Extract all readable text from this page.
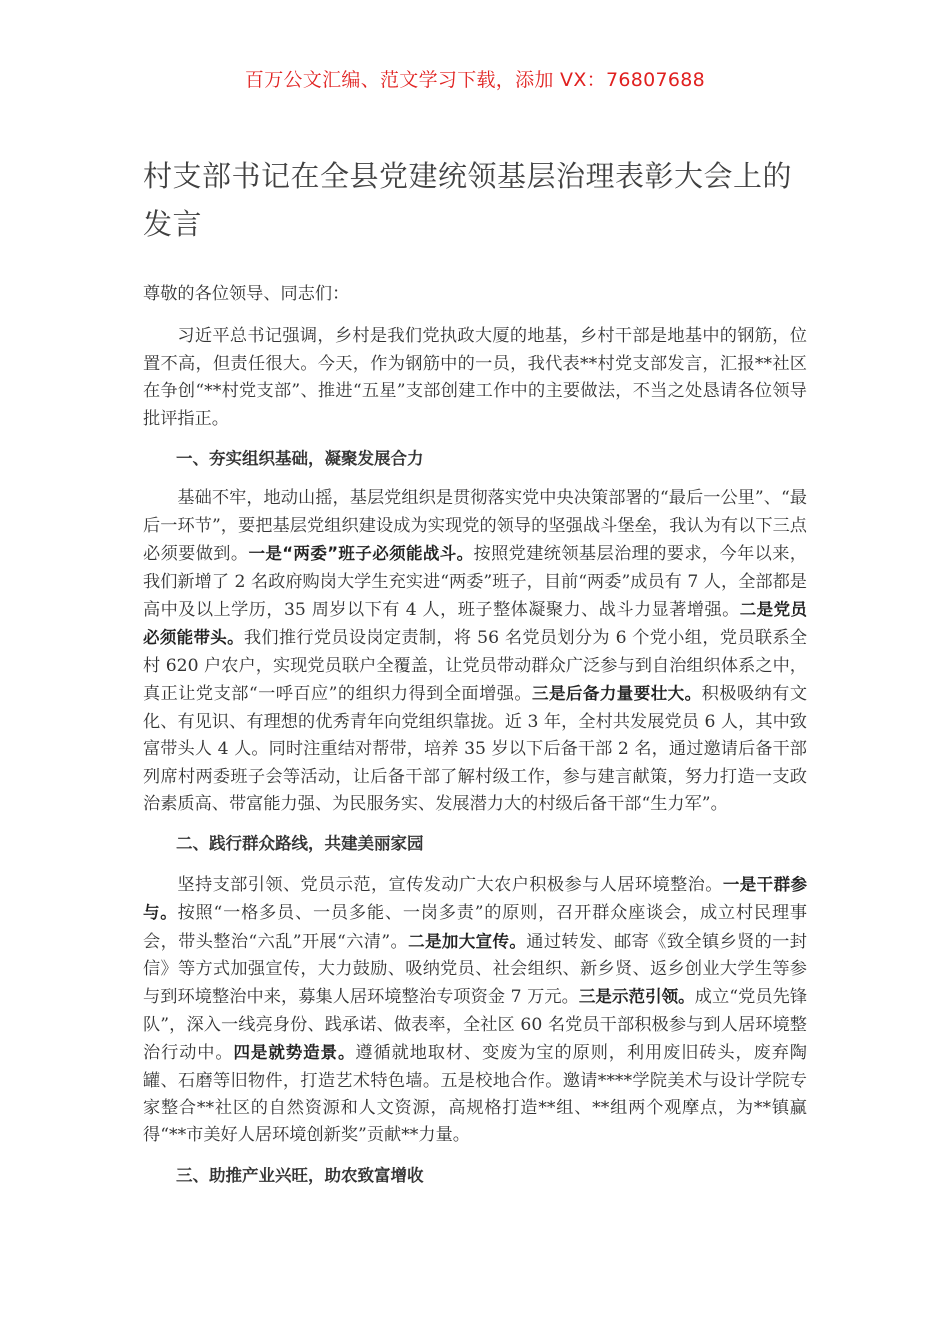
百万公文汇编、范文学习下载，添加 VX：76807688
村支部书记在全县党建统领基层治理表彰大会上的发言

尊敬的各位领导、同志们：

习近平总书记强调，乡村是我们党执政大厦的地基，乡村干部是地基中的钢筋，位置不高，但责任很大。今天，作为钢筋中的一员，我代表**村党支部发言，汇报**社区在争创“**村党支部”、推进“五星”支部创建工作中的主要做法，不当之处恳请各位领导批评指正。

一、夯实组织基础，凝聚发展合力

基础不牢，地动山摇，基层党组织是贯彻落实党中央决策部署的“最后一公里”、“最后一环节”，要把基层党组织建设成为实现党的领导的坚强战斗堡垒，我认为有以下三点必须要做到。一是“两委”班子必须能战斗。按照党建统领基层治理的要求，今年以来，我们新增了 2 名政府购岗大学生充实进“两委”班子，目前“两委”成员有 7 人，全部都是高中及以上学历，35 周岁以下有 4 人，班子整体凝聚力、战斗力显著增强。二是党员必须能带头。我们推行党员设岗定责制，将 56 名党员划分为 6 个党小组，党员联系全村 620 户农户，实现党员联户全覆盖，让党员带动群众广泛参与到自治组织体系之中，真正让党支部“一呼百应”的组织力得到全面增强。三是后备力量要壮大。积极吸纳有文化、有见识、有理想的优秀青年向党组织靠拢。近 3 年，全村共发展党员 6 人，其中致富带头人 4 人。同时注重结对帮带，培养 35 岁以下后备干部 2 名，通过邀请后备干部列席村两委班子会等活动，让后备干部了解村级工作，参与建言献策，努力打造一支政治素质高、带富能力强、为民服务实、发展潜力大的村级后备干部“生力军”。

二、践行群众路线，共建美丽家园

坚持支部引领、党员示范，宣传发动广大农户积极参与人居环境整治。一是干群参与。按照“一格多员、一员多能、一岗多责”的原则，召开群众座谈会，成立村民理事会，带头整治“六乱”开展“六清”。二是加大宣传。通过转发、邮寄《致全镇乡贤的一封信》等方式加强宣传，大力鼓励、吸纳党员、社会组织、新乡贤、返乡创业大学生等参与到环境整治中来，募集人居环境整治专项资金 7 万元。三是示范引领。成立“党员先锋队”，深入一线亮身份、践承诺、做表率，全社区 60 名党员干部积极参与到人居环境整治行动中。四是就势造景。遵循就地取材、变废为宝的原则，利用废旧砖头，废弃陶罐、石磨等旧物件，打造艺术特色墙。五是校地合作。邀请****学院美术与设计学院专家整合**社区的自然资源和人文资源，高规格打造**组、**组两个观摩点，为**镇赢得“**市美好人居环境创新奖”贡献**力量。

三、助推产业兴旺，助农致富增收
